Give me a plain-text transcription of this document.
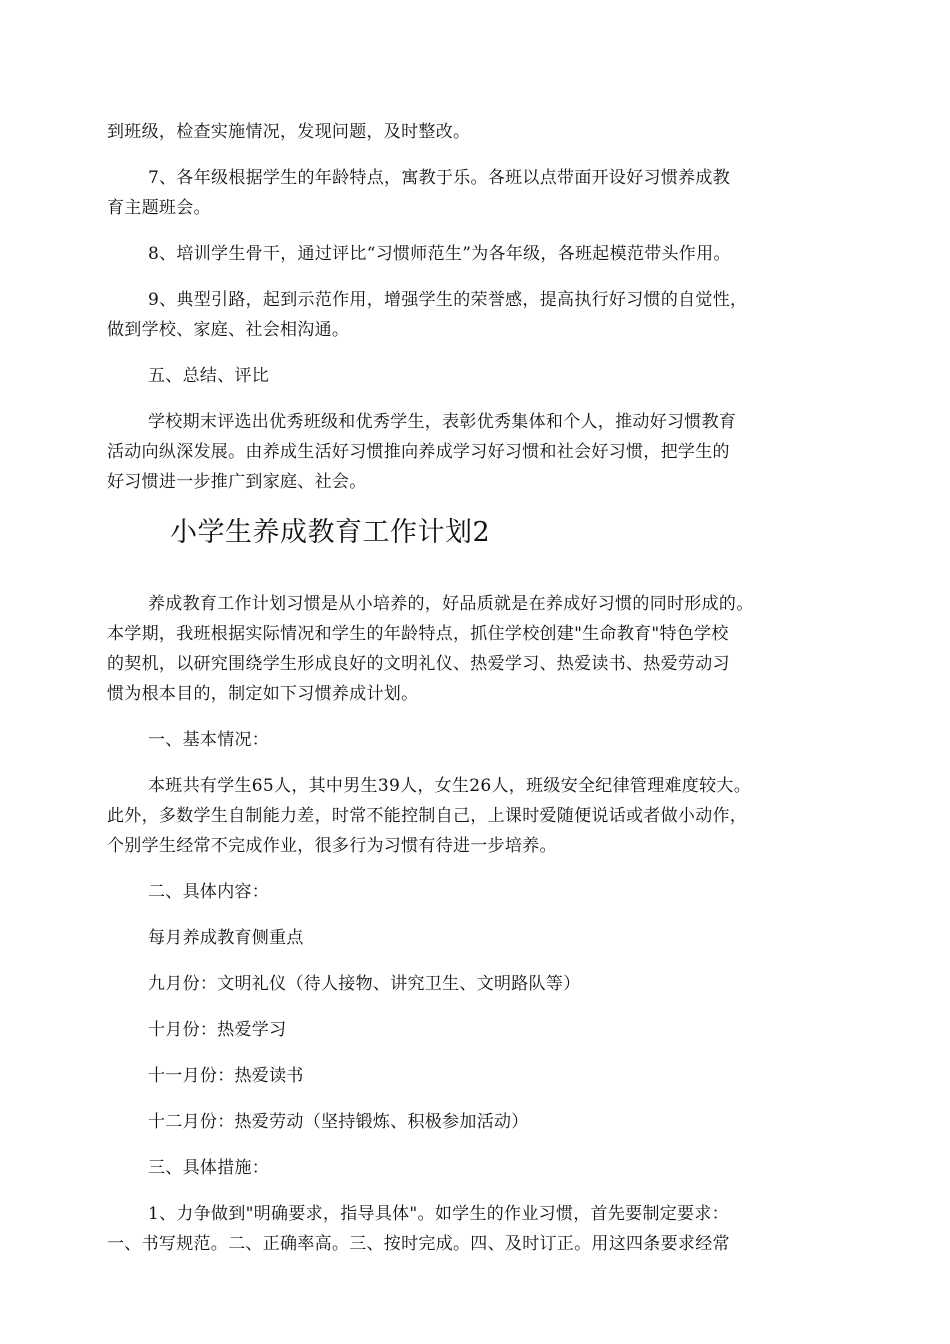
到班级，检查实施情况，发现问题，及时整改。

7、各年级根据学生的年龄特点，寓教于乐。各班以点带面开设好习惯养成教
育主题班会。

8、培训学生骨干，通过评比“习惯师范生”为各年级，各班起模范带头作用。

9、典型引路，起到示范作用，增强学生的荣誉感，提高执行好习惯的自觉性，
做到学校、家庭、社会相沟通。

五、总结、评比

学校期末评选出优秀班级和优秀学生，表彰优秀集体和个人，推动好习惯教育
活动向纵深发展。由养成生活好习惯推向养成学习好习惯和社会好习惯，把学生的
好习惯进一步推广到家庭、社会。

小学生养成教育工作计划2

养成教育工作计划习惯是从小培养的，好品质就是在养成好习惯的同时形成的。
本学期，我班根据实际情况和学生的年龄特点，抓住学校创建"生命教育"特色学校
的契机，以研究围绕学生形成良好的文明礼仪、热爱学习、热爱读书、热爱劳动习
惯为根本目的，制定如下习惯养成计划。

一、基本情况：

本班共有学生65人，其中男生39人，女生26人，班级安全纪律管理难度较大。
此外，多数学生自制能力差，时常不能控制自己，上课时爱随便说话或者做小动作，
个别学生经常不完成作业，很多行为习惯有待进一步培养。

二、具体内容：

每月养成教育侧重点

九月份：文明礼仪（待人接物、讲究卫生、文明路队等）

十月份：热爱学习

十一月份：热爱读书

十二月份：热爱劳动（坚持锻炼、积极参加活动）

三、具体措施：

1、力争做到"明确要求，指导具体"。如学生的作业习惯，首先要制定要求：
一、书写规范。二、正确率高。三、按时完成。四、及时订正。用这四条要求经常
